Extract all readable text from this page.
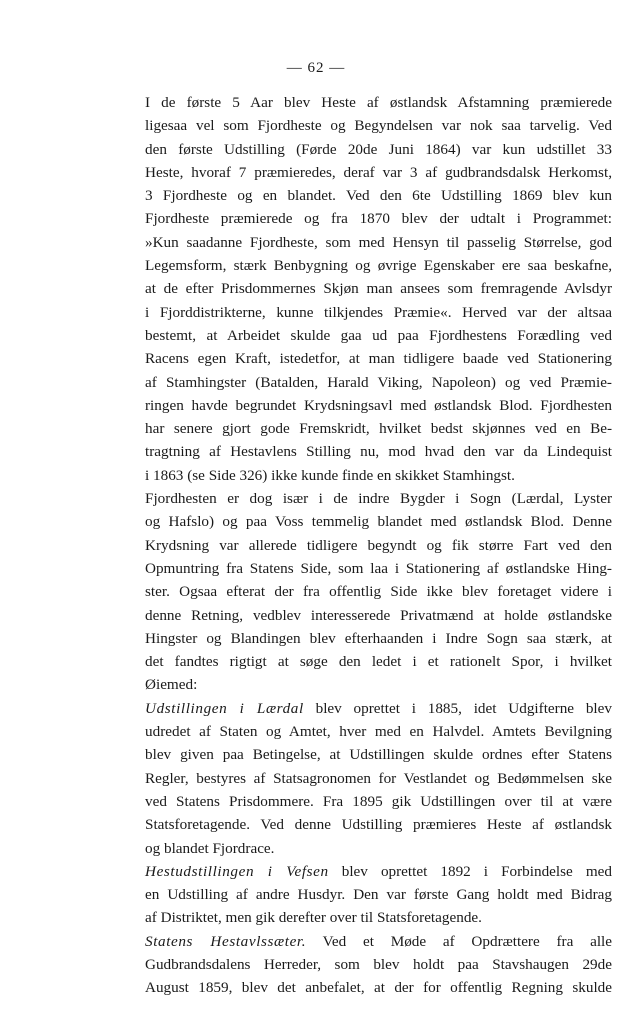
— 62 —

I de første 5 Aar blev Heste af østlandsk Afstamning præmierede
ligesaa vel som Fjordheste og Begyndelsen var nok saa tarvelig. Ved
den første Udstilling (Førde 20de Juni 1864) var kun udstillet 33
Heste, hvoraf 7 præmieredes, deraf var 3 af gudbrandsdalsk Herkomst,
3 Fjordheste og en blandet. Ved den 6te Udstilling 1869 blev kun
Fjordheste præmierede og fra 1870 blev der udtalt i Programmet:
»Kun saadanne Fjordheste, som med Hensyn til passelig Størrelse, god
Legemsform, stærk Benbygning og øvrige Egenskaber ere saa beskafne,
at de efter Prisdommernes Skjøn man ansees som fremragende Avlsdyr
i Fjorddistrikterne, kunne tilkjendes Præmie«. Herved var der altsaa
bestemt, at Arbeidet skulde gaa ud paa Fjordhestens Forædling ved
Racens egen Kraft, istedetfor, at man tidligere baade ved Stationering
af Stamhingster (Batalden, Harald Viking, Napoleon) og ved Præmie-
ringen havde begrundet Krydsningsavl med østlandsk Blod. Fjordhesten
har senere gjort gode Fremskridt, hvilket bedst skjønnes ved en Be-
tragtning af Hestavlens Stilling nu, mod hvad den var da Lindequist
i 1863 (se Side 326) ikke kunde finde en skikket Stamhingst.

Fjordhesten er dog især i de indre Bygder i Sogn (Lærdal, Lyster
og Hafslo) og paa Voss temmelig blandet med østlandsk Blod. Denne
Krydsning var allerede tidligere begyndt og fik større Fart ved den
Opmuntring fra Statens Side, som laa i Stationering af østlandske Hing-
ster. Ogsaa efterat der fra offentlig Side ikke blev foretaget videre i
denne Retning, vedblev interesserede Privatmænd at holde østlandske
Hingster og Blandingen blev efterhaanden i Indre Sogn saa stærk, at
det fandtes rigtigt at søge den ledet i et rationelt Spor, i hvilket
Øiemed:

Udstillingen i Lærdal blev oprettet i 1885, idet Udgifterne blev
udredet af Staten og Amtet, hver med en Halvdel. Amtets Bevilgning
blev given paa Betingelse, at Udstillingen skulde ordnes efter Statens
Regler, bestyres af Statsagronomen for Vestlandet og Bedømmelsen ske
ved Statens Prisdommere. Fra 1895 gik Udstillingen over til at være
Statsforetagende. Ved denne Udstilling præmieres Heste af østlandsk
og blandet Fjordrace.

Hestudstillingen i Vefsen blev oprettet 1892 i Forbindelse med
en Udstilling af andre Husdyr. Den var første Gang holdt med Bidrag
af Distriktet, men gik derefter over til Statsforetagende.

Statens Hestavlssæter. Ved et Møde af Opdrættere fra alle
Gudbrandsdalens Herreder, som blev holdt paa Stavshaugen 29de
August 1859, blev det anbefalet, at der for offentlig Regning skulde
